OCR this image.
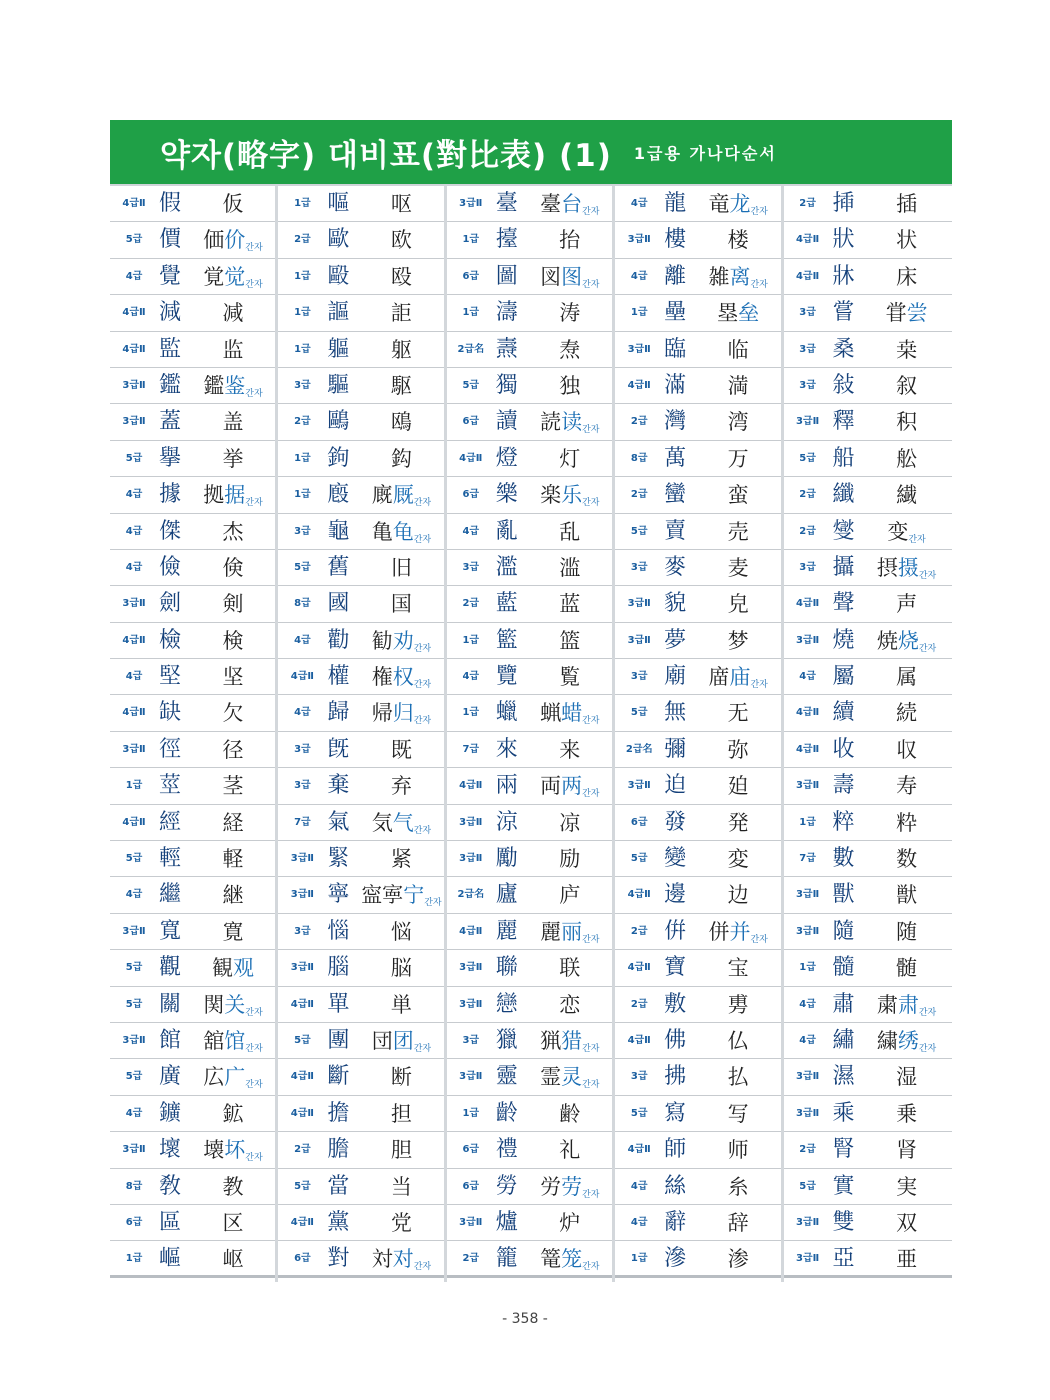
약자(略字) 대비표(對比表) (1) 1급용 가나다순서
4급Ⅱ 假	仮
5급 價	価价간자
4급 覺	覚觉간자
4급Ⅱ 減	减
4급Ⅱ 監	监
3급Ⅱ 鑑	鑑鉴간자
3급Ⅱ 蓋	盖
5급 擧	挙
4급 據	拠据간자
4급 傑	杰
4급 儉	倹
3급Ⅱ 劍	剣
4급Ⅱ 檢	検
4급 堅	坚
4급Ⅱ 缺	欠
3급Ⅱ 徑	径
1급 莖	茎
4급Ⅱ 經	経
5급 輕	軽
4급 繼	継
3급Ⅱ 寬	寛
5급 觀	観观
5급 關	関关간자
3급Ⅱ 館	舘馆간자
5급 廣	広广간자
4급 鑛	鉱
3급Ⅱ 壞	壊坏간자
8급 敎	教
6급 區	区
1급 嶇	岖
1급 嘔	呕
2급 歐	欧
1급 毆	殴
1급 謳	詎
1급 軀	躯
3급 驅	駆
2급 鷗	鴎
1급 鉤	鈎
1급 廏	廐厩간자
3급 龜	亀龟간자
5급 舊	旧
8급 國	国
4급 勸	勧劝간자
4급Ⅱ 權	権权간자
4급 歸	帰归간자
3급 旣	既
3급 棄	弃
7급 氣	気气간자
3급Ⅱ 緊	紧
3급Ⅱ 寧 寍寕宁간자
3급 惱	悩
3급Ⅱ 腦	脳
4급Ⅱ 單	単
5급 團	団团간자
4급Ⅱ 斷	断
4급Ⅱ 擔	担
2급 膽	胆
5급 當	当
4급Ⅱ 黨	党
6급 對	対对간자
3급Ⅱ 臺	臺台간자
1급 擡	抬
6급 圖	図图간자
1급 濤	涛
2급名 燾	焘
5급 獨	独
6급 讀	読读간자
4급Ⅱ 燈	灯
6급 樂	楽乐간자
4급 亂	乱
3급 濫	滥
2급 藍	蓝
1급 籃	篮
4급 覽	覧
1급 蠟	蝋蜡간자
7급 來	来
4급Ⅱ 兩	両两간자
3급Ⅱ 涼	凉
3급Ⅱ 勵	励
2급名 廬	庐
4급Ⅱ 麗	麗丽간자
3급Ⅱ 聯	联
3급Ⅱ 戀	恋
3급 獵	猟猎간자
3급Ⅱ 靈	霊灵간자
1급 齡	齢
6급 禮	礼
6급 勞	労劳간자
3급Ⅱ 爐	炉
2급 籠	篭笼간자
4급 龍	竜龙간자
3급Ⅱ 樓	楼
4급 離	雑离간자
1급 壘	塁垒
3급Ⅱ 臨	临
4급Ⅱ 滿	満
2급 灣	湾
8급 萬	万
2급 蠻	蛮
5급 賣	売
3급 麥	麦
3급Ⅱ 貌	皃
3급Ⅱ 夢	梦
3급 廟	庿庙간자
5급 無	无
2급名 彌	弥
3급Ⅱ 迫	廹
6급 發	発
5급 變	変
4급Ⅱ 邊	边
2급 倂	併并간자
4급Ⅱ 寶	宝
2급 敷	旉
4급Ⅱ 佛	仏
3급 拂	払
5급 寫	写
4급Ⅱ 師	师
4급 絲	糸
4급 辭	辞
1급 滲	渗
2급 揷	插
4급Ⅱ 狀	状
4급Ⅱ 牀	床
3급 嘗	甞尝
3급 桑	桒
3급 敍	叙
3급Ⅱ 釋	积
5급 船	舩
2급 纖	繊
2급 燮	变간자
3급 攝	摂摄간자
4급Ⅱ 聲	声
3급Ⅱ 燒	焼烧간자
4급 屬	属
4급Ⅱ 續	続
4급Ⅱ 收	収
3급Ⅱ 壽	寿
1급 粹	粋
7급 數	数
3급Ⅱ 獸	獣
3급Ⅱ 隨	随
1급 髓	髄
4급 肅	粛肃간자
4급 繡	繍绣간자
3급Ⅱ 濕	湿
3급Ⅱ 乘	乗
2급 腎	肾
5급 實	実
3급Ⅱ 雙	双
3급Ⅱ 亞	亜
- 358 -
